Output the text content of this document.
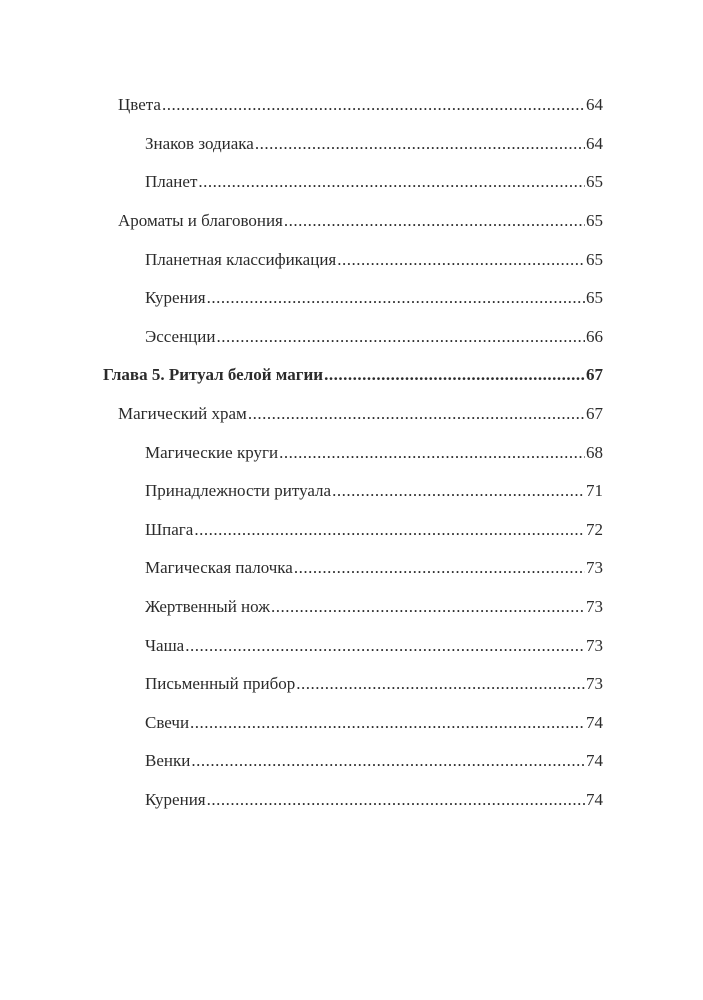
Цвета .....	64
Знаков зодиака .....	64
Планет .....	65
Ароматы и благовония .....	65
Планетная классификация .....	65
Курения .....	65
Эссенции .....	66
Глава 5. Ритуал белой магии .....	67
Магический храм .....	67
Магические круги .....	68
Принадлежности ритуала .....	71
Шпага .....	72
Магическая палочка .....	73
Жертвенный нож .....	73
Чаша .....	73
Письменный прибор .....	73
Свечи .....	74
Венки .....	74
Курения .....	74
